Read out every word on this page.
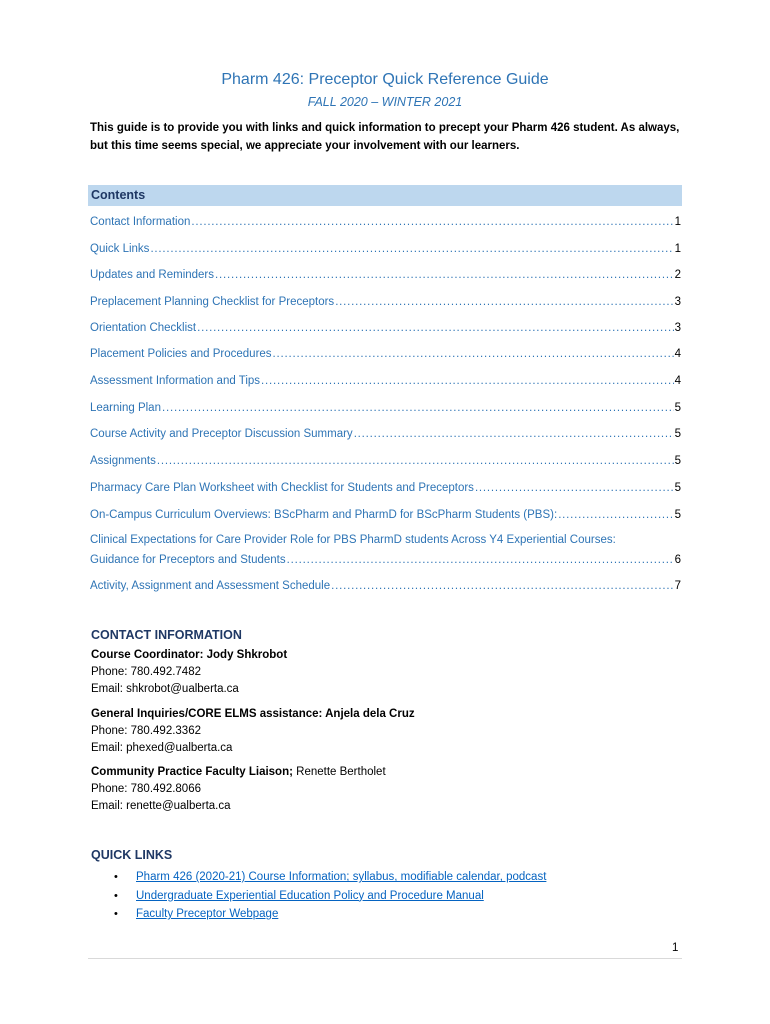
Pharm 426: Preceptor Quick Reference Guide
FALL 2020 – WINTER 2021
This guide is to provide you with links and quick information to precept your Pharm 426 student. As always, but this time seems special, we appreciate your involvement with our learners.
Contents
Contact Information . . .	1
Quick Links . . .	1
Updates and Reminders . . .	2
Preplacement Planning Checklist for Preceptors . . .	3
Orientation Checklist . . .	3
Placement Policies and Procedures . . .	4
Assessment Information and Tips . . .	4
Learning Plan . . .	5
Course Activity and Preceptor Discussion Summary . . .	5
Assignments . . .	5
Pharmacy Care Plan Worksheet with Checklist for Students and Preceptors . . .	5
On-Campus Curriculum Overviews: BScPharm and PharmD for BScPharm Students (PBS): . . .	5
Clinical Expectations for Care Provider Role for PBS PharmD students Across Y4 Experiential Courses:
Guidance for Preceptors and Students . . .	6
Activity, Assignment and Assessment Schedule . . .	7
CONTACT INFORMATION
Course Coordinator: Jody Shkrobot
Phone: 780.492.7482
Email: shkrobot@ualberta.ca
General Inquiries/CORE ELMS assistance: Anjela dela Cruz
Phone: 780.492.3362
Email: phexed@ualberta.ca
Community Practice Faculty Liaison; Renette Bertholet
Phone: 780.492.8066
Email: renette@ualberta.ca
QUICK LINKS
•	Pharm 426 (2020-21) Course Information; syllabus, modifiable calendar, podcast
•	Undergraduate Experiential Education Policy and Procedure Manual
•	Faculty Preceptor Webpage
1
